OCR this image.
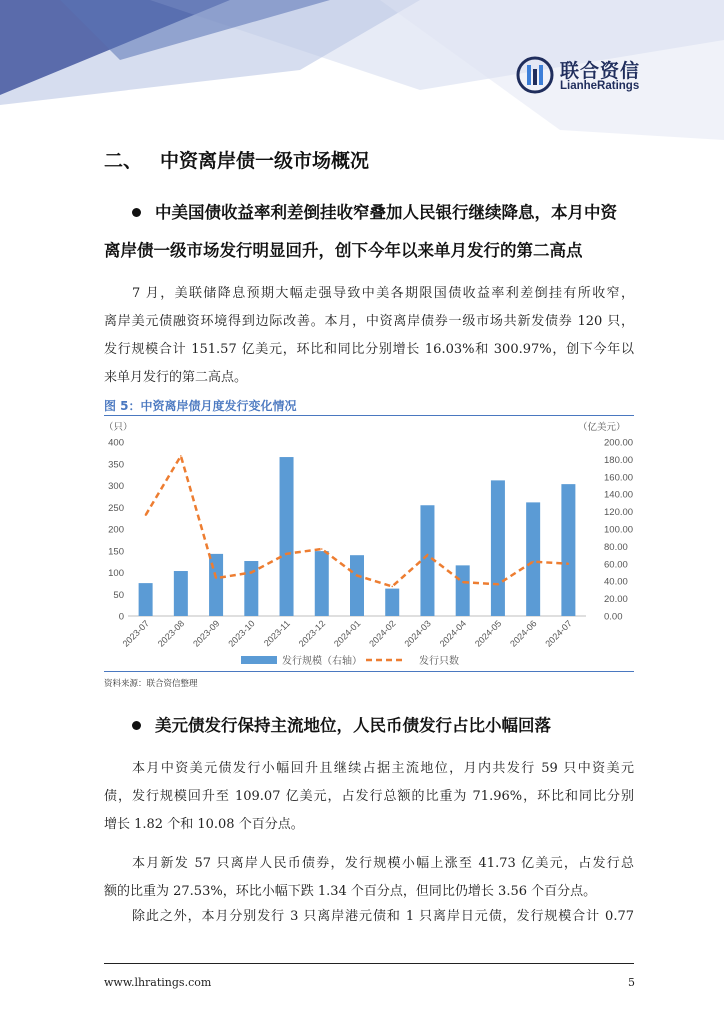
联合资信
LianheRatings
二、 中资离岸债一级市场概况
中美国债收益率利差倒挂收窄叠加人民银行继续降息，本月中资
离岸债一级市场发行明显回升，创下今年以来单月发行的第二高点
7 月，美联储降息预期大幅走强导致中美各期限国债收益率利差倒挂有所收窄，
离岸美元债融资环境得到边际改善。本月，中资离岸债券一级市场共新发债券 120 只，
发行规模合计 151.57 亿美元，环比和同比分别增长 16.03%和 300.97%，创下今年以
来单月发行的第二高点。
图 5：中资离岸债月度发行变化情况
（只）	（亿美元）
0
50
100
150
200
250
300
350
400
0.00
20.00
40.00
60.00
80.00
100.00
120.00
140.00
160.00
180.00
200.00
2023-07 2023-08 2023-09 2023-10 2023-11 2023-12 2024-01 2024-02 2024-03 2024-04 2024-05 2024-06 2024-07
发行规模（右轴）	发行只数
资料来源：联合资信整理
美元债发行保持主流地位，人民币债发行占比小幅回落
本月中资美元债发行小幅回升且继续占据主流地位，月内共发行 59 只中资美元
债，发行规模回升至 109.07 亿美元，占发行总额的比重为 71.96%，环比和同比分别
增长 1.82 个和 10.08 个百分点。
本月新发 57 只离岸人民币债券，发行规模小幅上涨至 41.73 亿美元，占发行总
额的比重为 27.53%，环比小幅下跌 1.34 个百分点，但同比仍增长 3.56 个百分点。
除此之外，本月分别发行 3 只离岸港元债和 1 只离岸日元债，发行规模合计 0.77
www.lhratings.com	5
